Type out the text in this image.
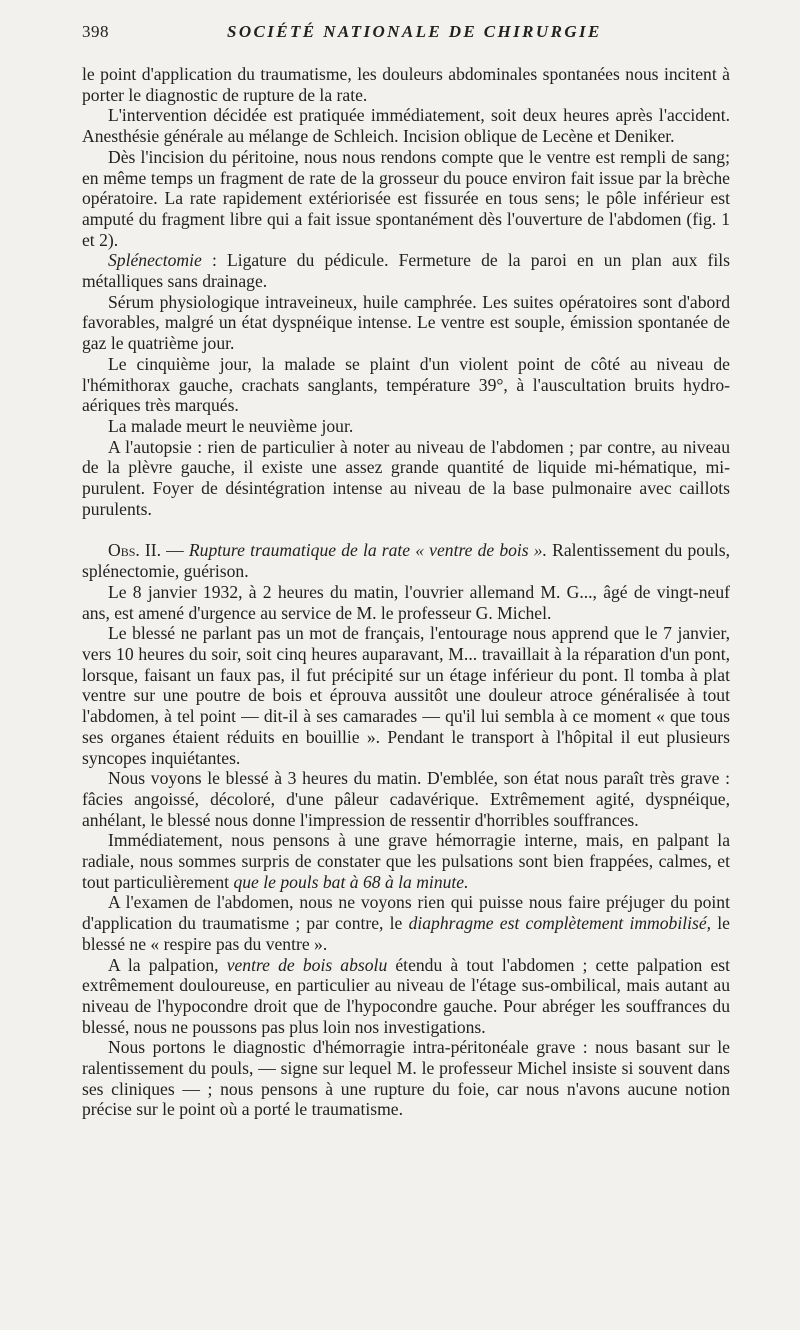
398	SOCIÉTÉ NATIONALE DE CHIRURGIE

le point d'application du traumatisme, les douleurs abdominales spontanées nous incitent à porter le diagnostic de rupture de la rate.

L'intervention décidée est pratiquée immédiatement, soit deux heures après l'accident. Anesthésie générale au mélange de Schleich. Incision oblique de Lecène et Deniker.

Dès l'incision du péritoine, nous nous rendons compte que le ventre est rempli de sang; en même temps un fragment de rate de la grosseur du pouce environ fait issue par la brèche opératoire. La rate rapidement extériorisée est fissurée en tous sens; le pôle inférieur est amputé du fragment libre qui a fait issue spontanément dès l'ouverture de l'abdomen (fig. 1 et 2).

Splénectomie : Ligature du pédicule. Fermeture de la paroi en un plan aux fils métalliques sans drainage.

Sérum physiologique intraveineux, huile camphrée. Les suites opératoires sont d'abord favorables, malgré un état dyspnéique intense. Le ventre est souple, émission spontanée de gaz le quatrième jour.

Le cinquième jour, la malade se plaint d'un violent point de côté au niveau de l'hémithorax gauche, crachats sanglants, température 39°, à l'auscultation bruits hydro-aériques très marqués.

La malade meurt le neuvième jour.

A l'autopsie : rien de particulier à noter au niveau de l'abdomen ; par contre, au niveau de la plèvre gauche, il existe une assez grande quantité de liquide mi-hématique, mi-purulent. Foyer de désintégration intense au niveau de la base pulmonaire avec caillots purulents.

Obs. II. — Rupture traumatique de la rate « ventre de bois ». Ralentissement du pouls, splénectomie, guérison.

Le 8 janvier 1932, à 2 heures du matin, l'ouvrier allemand M. G..., âgé de vingt-neuf ans, est amené d'urgence au service de M. le professeur G. Michel.

Le blessé ne parlant pas un mot de français, l'entourage nous apprend que le 7 janvier, vers 10 heures du soir, soit cinq heures auparavant, M... travaillait à la réparation d'un pont, lorsque, faisant un faux pas, il fut précipité sur un étage inférieur du pont. Il tomba à plat ventre sur une poutre de bois et éprouva aussitôt une douleur atroce généralisée à tout l'abdomen, à tel point — dit-il à ses camarades — qu'il lui sembla à ce moment « que tous ses organes étaient réduits en bouillie ». Pendant le transport à l'hôpital il eut plusieurs syncopes inquiétantes.

Nous voyons le blessé à 3 heures du matin. D'emblée, son état nous paraît très grave : fâcies angoissé, décoloré, d'une pâleur cadavérique. Extrêmement agité, dyspnéique, anhélant, le blessé nous donne l'impression de ressentir d'horribles souffrances.

Immédiatement, nous pensons à une grave hémorragie interne, mais, en palpant la radiale, nous sommes surpris de constater que les pulsations sont bien frappées, calmes, et tout particulièrement que le pouls bat à 68 à la minute.

A l'examen de l'abdomen, nous ne voyons rien qui puisse nous faire préjuger du point d'application du traumatisme ; par contre, le diaphragme est complètement immobilisé, le blessé ne « respire pas du ventre ».

A la palpation, ventre de bois absolu étendu à tout l'abdomen ; cette palpation est extrêmement douloureuse, en particulier au niveau de l'étage sus-ombilical, mais autant au niveau de l'hypocondre droit que de l'hypocondre gauche. Pour abréger les souffrances du blessé, nous ne poussons pas plus loin nos investigations.

Nous portons le diagnostic d'hémorragie intra-péritonéale grave : nous basant sur le ralentissement du pouls, — signe sur lequel M. le professeur Michel insiste si souvent dans ses cliniques — ; nous pensons à une rupture du foie, car nous n'avons aucune notion précise sur le point où a porté le traumatisme.
